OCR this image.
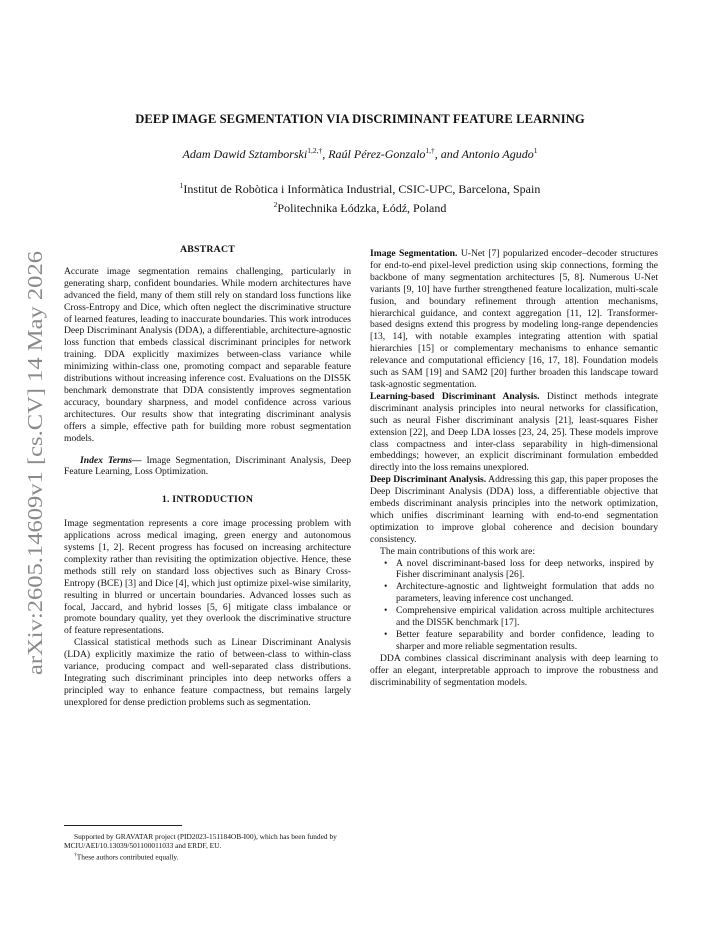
arXiv:2605.14609v1 [cs.CV] 14 May 2026
DEEP IMAGE SEGMENTATION VIA DISCRIMINANT FEATURE LEARNING
Adam Dawid Sztamborski$^{1,2,\dagger}$, Raúl Pérez-Gonzalo$^{1,\dagger}$, and Antonio Agudo$^1$
$^1$Institut de Robòtica i Informàtica Industrial, CSIC-UPC, Barcelona, Spain
$^2$Politechnika Łódzka, Łódź, Poland
ABSTRACT

Accurate image segmentation remains challenging, particularly in generating sharp, confident boundaries. While modern architectures have advanced the field, many of them still rely on standard loss functions like Cross-Entropy and Dice, which often neglect the discriminative structure of learned features, leading to inaccurate boundaries. This work introduces Deep Discriminant Analysis (DDA), a differentiable, architecture-agnostic loss function that embeds classical discriminant principles for network training. DDA explicitly maximizes between-class variance while minimizing within-class one, promoting compact and separable feature distributions without increasing inference cost. Evaluations on the DIS5K benchmark demonstrate that DDA consistently improves segmentation accuracy, boundary sharpness, and model confidence across various architectures. Our results show that integrating discriminant analysis offers a simple, effective path for building more robust segmentation models.

Index Terms— Image Segmentation, Discriminant Analysis, Deep Feature Learning, Loss Optimization.

1. INTRODUCTION

Image segmentation represents a core image processing problem with applications across medical imaging, green energy and autonomous systems [1, 2]. Recent progress has focused on increasing architecture complexity rather than revisiting the optimization objective. Hence, these methods still rely on standard loss objectives such as Binary Cross-Entropy (BCE) [3] and Dice [4], which just optimize pixel-wise similarity, resulting in blurred or uncertain boundaries. Advanced losses such as focal, Jaccard, and hybrid losses [5, 6] mitigate class imbalance or promote boundary quality, yet they overlook the discriminative structure of feature representations.

Classical statistical methods such as Linear Discriminant Analysis (LDA) explicitly maximize the ratio of between-class to within-class variance, producing compact and well-separated class distributions. Integrating such discriminant principles into deep networks offers a principled way to enhance feature compactness, but remains largely unexplored for dense prediction problems such as segmentation.

Supported by GRAVATAR project (PID2023-151184OB-I00), which has been funded by MCIU/AEI/10.13039/501100011033 and ERDF, EU.

†These authors contributed equally.

Image Segmentation. U-Net [7] popularized encoder–decoder structures for end-to-end pixel-level prediction using skip connections, forming the backbone of many segmentation architectures [5, 8]. Numerous U-Net variants [9, 10] have further strengthened feature localization, multi-scale fusion, and boundary refinement through attention mechanisms, hierarchical guidance, and context aggregation [11, 12]. Transformer-based designs extend this progress by modeling long-range dependencies [13, 14], with notable examples integrating attention with spatial hierarchies [15] or complementary mechanisms to enhance semantic relevance and computational efficiency [16, 17, 18]. Foundation models such as SAM [19] and SAM2 [20] further broaden this landscape toward task-agnostic segmentation.

Learning-based Discriminant Analysis. Distinct methods integrate discriminant analysis principles into neural networks for classification, such as neural Fisher discriminant analysis [21], least-squares Fisher extension [22], and Deep LDA losses [23, 24, 25]. These models improve class compactness and inter-class separability in high-dimensional embeddings; however, an explicit discriminant formulation embedded directly into the loss remains unexplored.

Deep Discriminant Analysis. Addressing this gap, this paper proposes the Deep Discriminant Analysis (DDA) loss, a differentiable objective that embeds discriminant analysis principles into the network optimization, which unifies discriminant learning with end-to-end segmentation optimization to improve global coherence and decision boundary consistency.

The main contributions of this work are:

• A novel discriminant-based loss for deep networks, inspired by Fisher discriminant analysis [26].
• Architecture-agnostic and lightweight formulation that adds no parameters, leaving inference cost unchanged.
• Comprehensive empirical validation across multiple architectures and the DIS5K benchmark [17].
• Better feature separability and border confidence, leading to sharper and more reliable segmentation results.

DDA combines classical discriminant analysis with deep learning to offer an elegant, interpretable approach to improve the robustness and discriminability of segmentation models.
